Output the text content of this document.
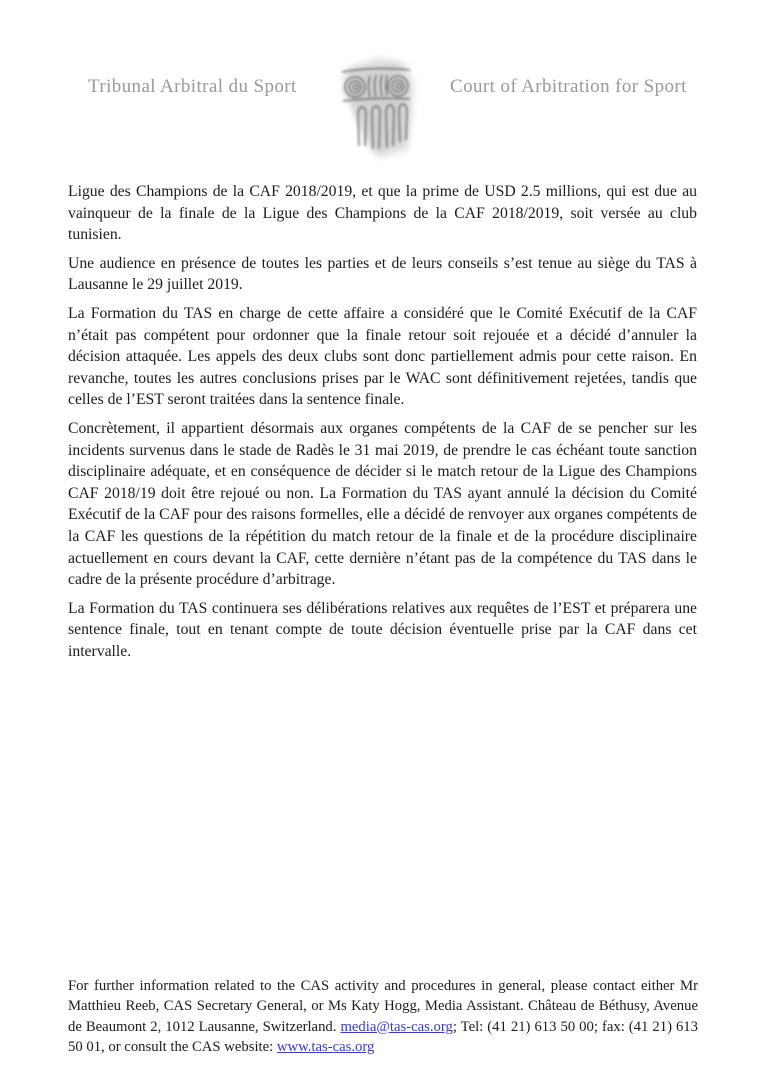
Tribunal Arbitral du Sport	Court of Arbitration for Sport

Ligue des Champions de la CAF 2018/2019, et que la prime de USD 2.5 millions, qui est due au vainqueur de la finale de la Ligue des Champions de la CAF 2018/2019, soit versée au club tunisien.

Une audience en présence de toutes les parties et de leurs conseils s’est tenue au siège du TAS à Lausanne le 29 juillet 2019.

La Formation du TAS en charge de cette affaire a considéré que le Comité Exécutif de la CAF n’était pas compétent pour ordonner que la finale retour soit rejouée et a décidé d’annuler la décision attaquée. Les appels des deux clubs sont donc partiellement admis pour cette raison. En revanche, toutes les autres conclusions prises par le WAC sont définitivement rejetées, tandis que celles de l’EST seront traitées dans la sentence finale.

Concrètement, il appartient désormais aux organes compétents de la CAF de se pencher sur les incidents survenus dans le stade de Radès le 31 mai 2019, de prendre le cas échéant toute sanction disciplinaire adéquate, et en conséquence de décider si le match retour de la Ligue des Champions CAF 2018/19 doit être rejoué ou non. La Formation du TAS ayant annulé la décision du Comité Exécutif de la CAF pour des raisons formelles, elle a décidé de renvoyer aux organes compétents de la CAF les questions de la répétition du match retour de la finale et de la procédure disciplinaire actuellement en cours devant la CAF, cette dernière n’étant pas de la compétence du TAS dans le cadre de la présente procédure d’arbitrage.

La Formation du TAS continuera ses délibérations relatives aux requêtes de l’EST et préparera une sentence finale, tout en tenant compte de toute décision éventuelle prise par la CAF dans cet intervalle.

For further information related to the CAS activity and procedures in general, please contact either Mr Matthieu Reeb, CAS Secretary General, or Ms Katy Hogg, Media Assistant. Château de Béthusy, Avenue de Beaumont 2, 1012 Lausanne, Switzerland. media@tas-cas.org; Tel: (41 21) 613 50 00; fax: (41 21) 613 50 01, or consult the CAS website: www.tas-cas.org
